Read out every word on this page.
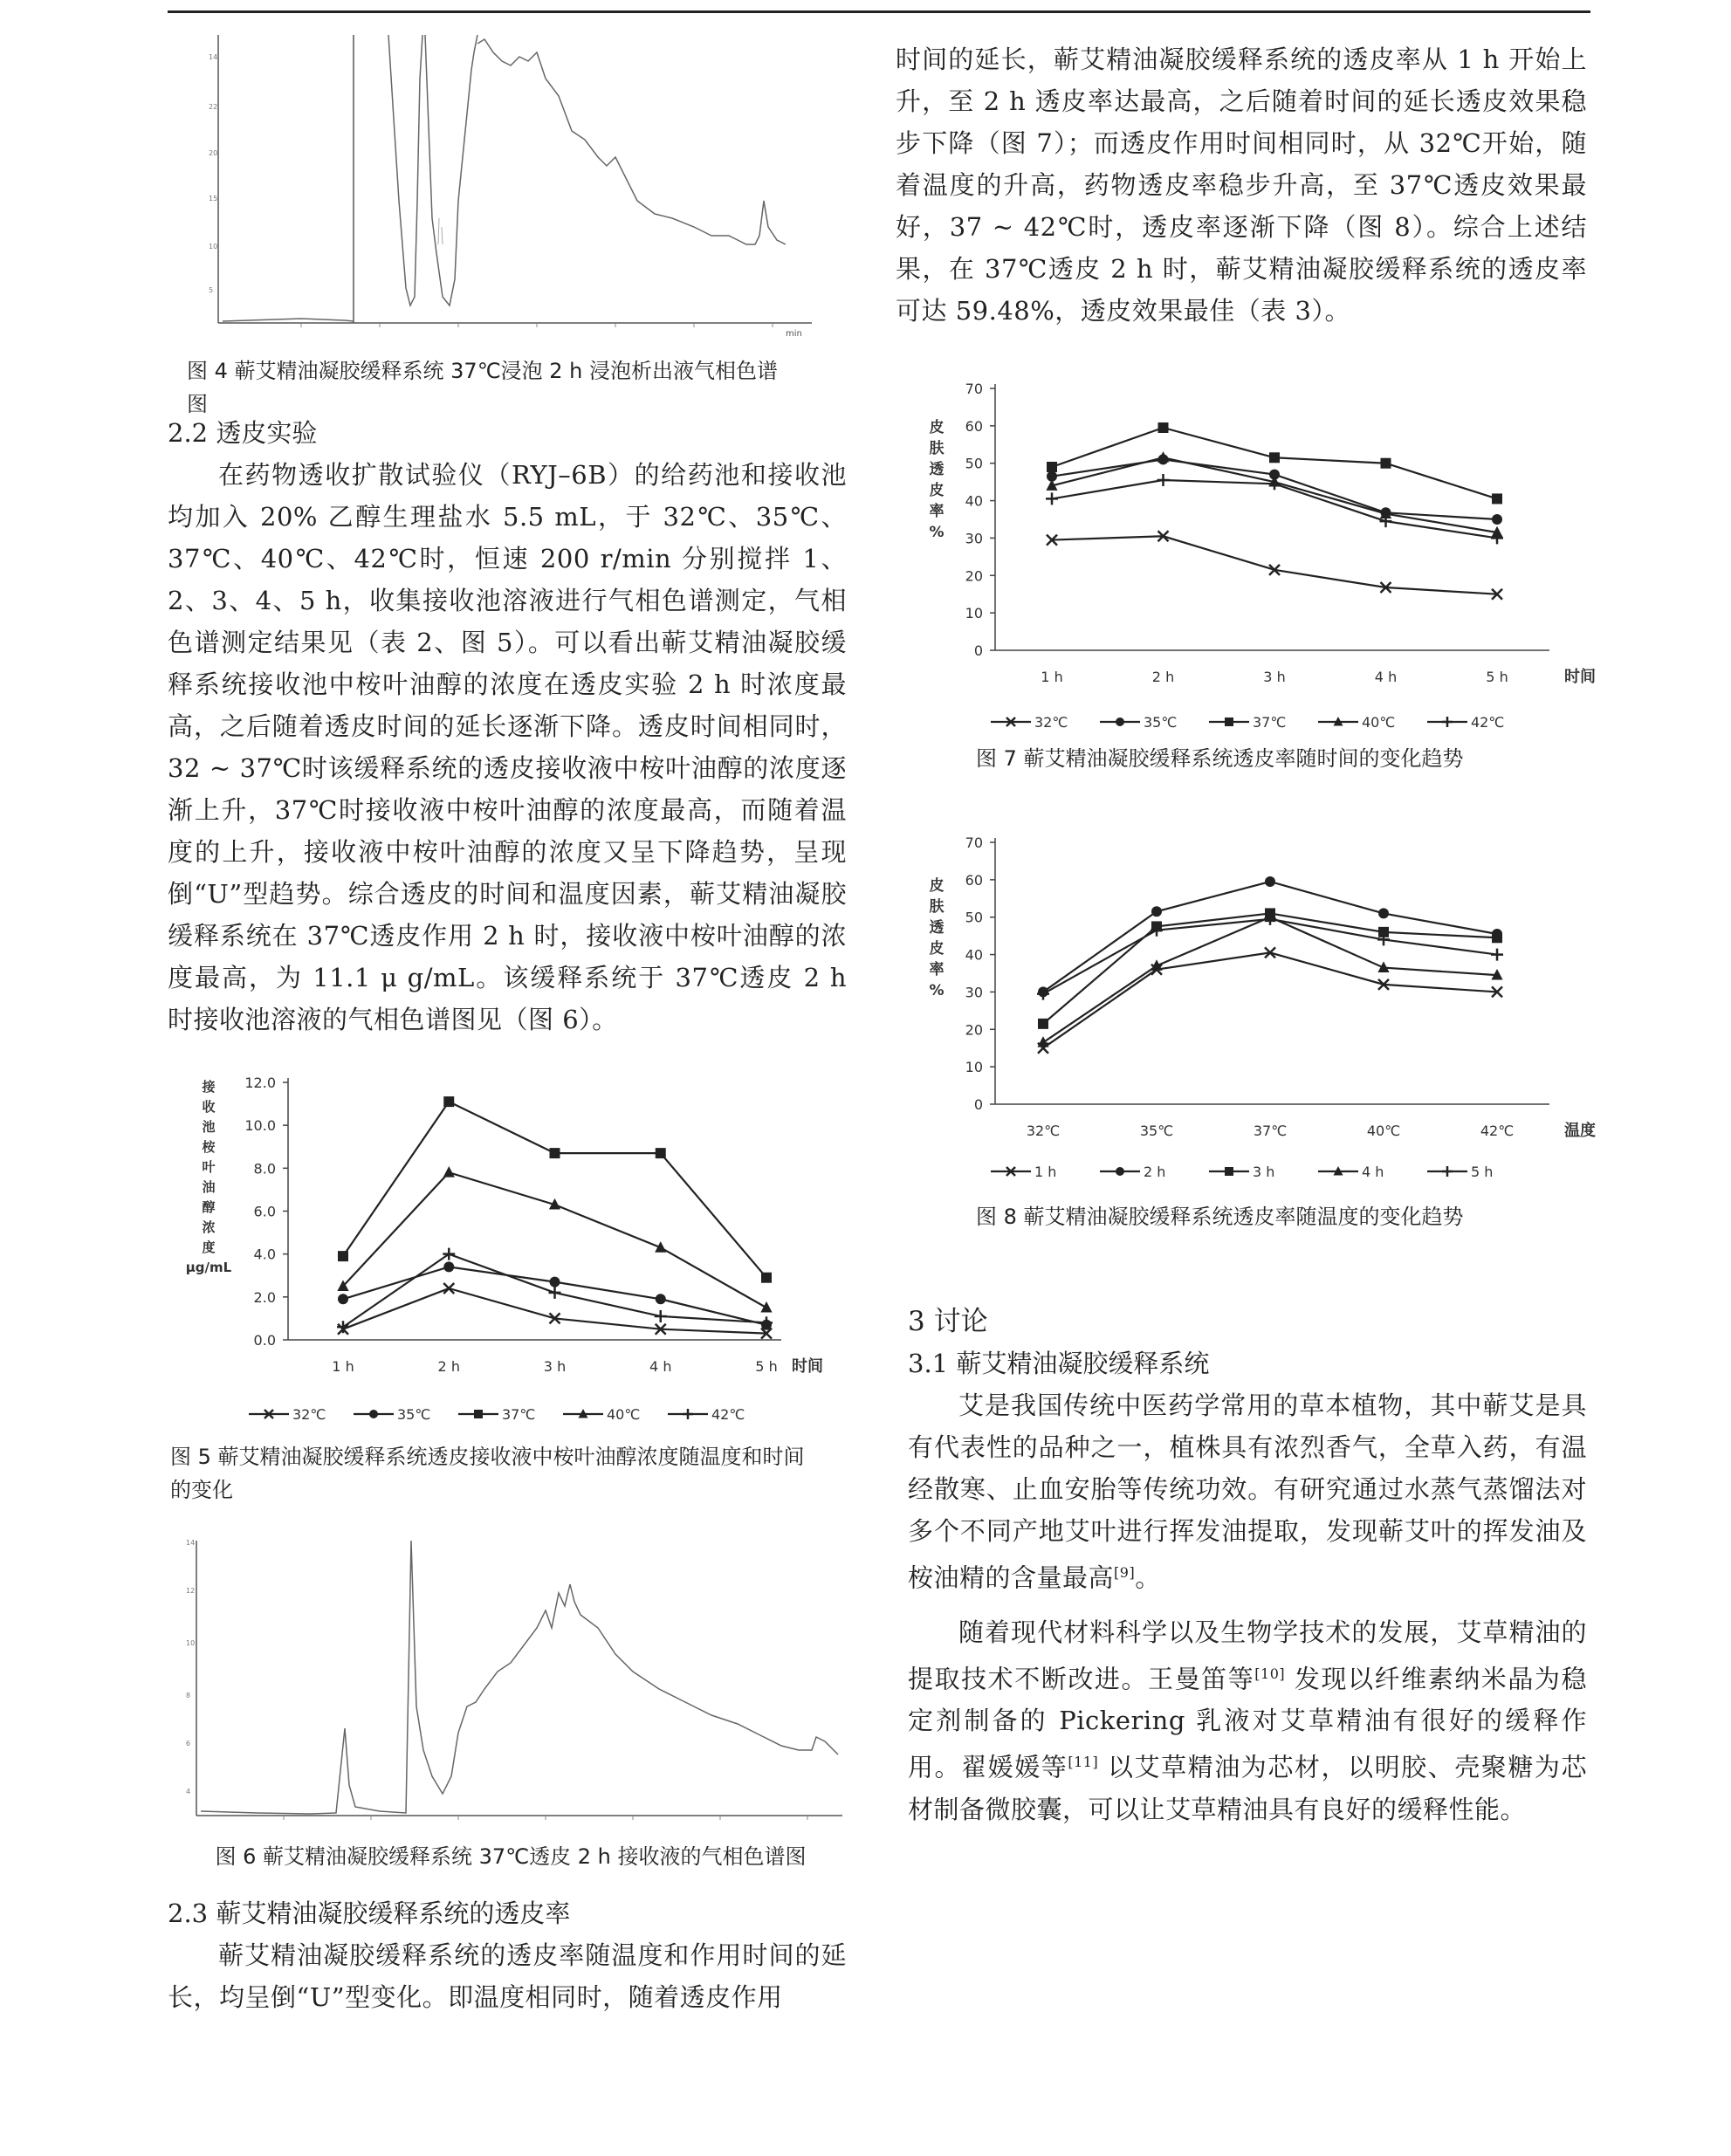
14
22
20
15
10
5
min
图 4 蕲艾精油凝胶缓释系统 37℃浸泡 2 h 浸泡析出液气相色谱图

2.2 透皮实验

在药物透收扩散试验仪（RYJ–6B）的给药池和接收池均加入 20% 乙醇生理盐水 5.5 mL，于 32℃、35℃、37℃、40℃、42℃时，恒速 200 r/min 分别搅拌 1、2、3、4、5 h，收集接收池溶液进行气相色谱测定，气相色谱测定结果见（表 2、图 5）。可以看出蕲艾精油凝胶缓释系统接收池中桉叶油醇的浓度在透皮实验 2 h 时浓度最高，之后随着透皮时间的延长逐渐下降。透皮时间相同时，32 ~ 37℃时该缓释系统的透皮接收液中桉叶油醇的浓度逐渐上升，37℃时接收液中桉叶油醇的浓度最高，而随着温度的上升，接收液中桉叶油醇的浓度又呈下降趋势，呈现倒“U”型趋势。综合透皮的时间和温度因素，蕲艾精油凝胶缓释系统在 37℃透皮作用 2 h 时，接收液中桉叶油醇的浓度最高，为 11.1 μ g/mL。该缓释系统于 37℃透皮 2 h 时接收池溶液的气相色谱图见（图 6）。

接
收
池
桉
叶
油
醇
浓
度
μg/mL
0.0
2.0
4.0
6.0
8.0
10.0
12.0
1 h	2 h	3 h	4 h	5 h 时间
32℃	35℃	37℃	40℃	42℃
图 5 蕲艾精油凝胶缓释系统透皮接收液中桉叶油醇浓度随温度和时间
的变化
14
12
10
8
6
4
图 6 蕲艾精油凝胶缓释系统 37℃透皮 2 h 接收液的气相色谱图

2.3 蕲艾精油凝胶缓释系统的透皮率

蕲艾精油凝胶缓释系统的透皮率随温度和作用时间的延长，均呈倒“U”型变化。即温度相同时，随着透皮作用

时间的延长，蕲艾精油凝胶缓释系统的透皮率从 1 h 开始上升，至 2 h 透皮率达最高，之后随着时间的延长透皮效果稳步下降（图 7）；而透皮作用时间相同时，从 32℃开始，随着温度的升高，药物透皮率稳步升高，至 37℃透皮效果最好，37 ~ 42℃时，透皮率逐渐下降（图 8）。综合上述结果，在 37℃透皮 2 h 时，蕲艾精油凝胶缓释系统的透皮率可达 59.48%，透皮效果最佳（表 3）。

皮
肤
透
皮
率
%
0
10
20
30
40
50
60
70
1 h	2 h	3 h	4 h	5 h	时间
32℃	35℃	37℃	40℃	42℃
图 7 蕲艾精油凝胶缓释系统透皮率随时间的变化趋势
皮
肤
透
皮
率
%
0
10
20
30
40
50
60
70
32℃	35℃	37℃	40℃	42℃	温度
1 h	2 h	3 h	4 h	5 h
图 8 蕲艾精油凝胶缓释系统透皮率随温度的变化趋势

3 讨论

3.1 蕲艾精油凝胶缓释系统

艾是我国传统中医药学常用的草本植物，其中蕲艾是具有代表性的品种之一，植株具有浓烈香气，全草入药，有温经散寒、止血安胎等传统功效。有研究通过水蒸气蒸馏法对多个不同产地艾叶进行挥发油提取，发现蕲艾叶的挥发油及桉油精的含量最高[9]。

随着现代材料科学以及生物学技术的发展，艾草精油的提取技术不断改进。王曼笛等[10] 发现以纤维素纳米晶为稳定剂制备的 Pickering 乳液对艾草精油有很好的缓释作用。翟媛媛等[11] 以艾草精油为芯材，以明胶、壳聚糖为芯材制备微胶囊，可以让艾草精油具有良好的缓释性能。
